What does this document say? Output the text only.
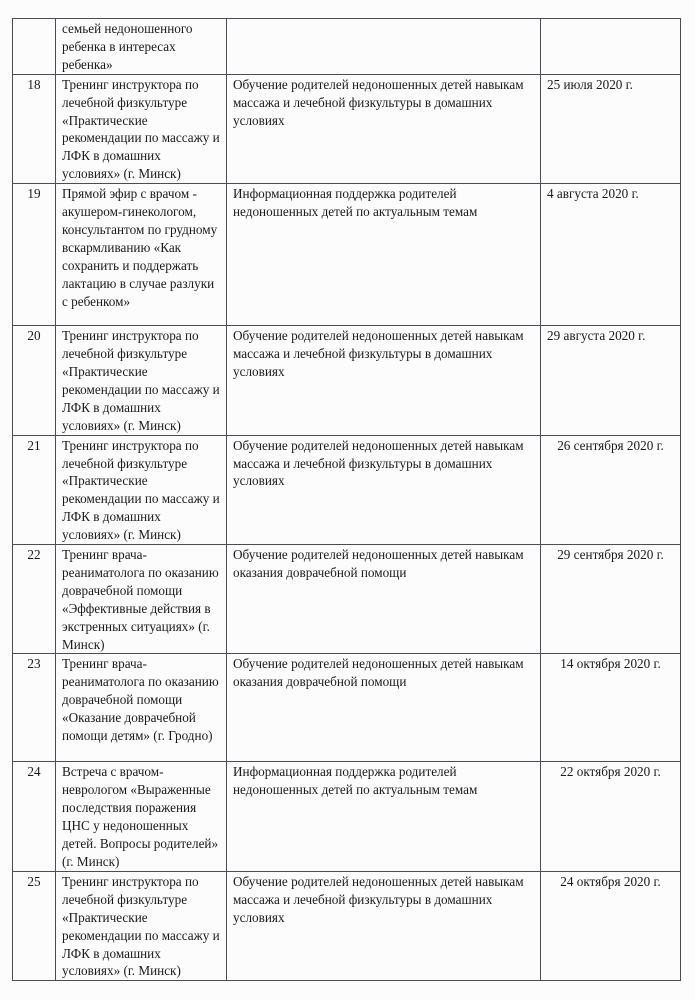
	семьей недоношенного ребенка в интересах ребенка»		
18	Тренинг инструктора по лечебной физкультуре «Практические рекомендации по массажу и ЛФК в домашних условиях» (г. Минск)	Обучение родителей недоношенных детей навыкам массажа и лечебной физкультуры в домашних условиях	25 июля 2020 г.
19	Прямой эфир с врачом - акушером-гинекологом, консультантом по грудному вскармливанию «Как сохранить и поддержать лактацию в случае разлуки с ребенком»	Информационная поддержка родителей недоношенных детей по актуальным темам	4 августа 2020 г.
20	Тренинг инструктора по лечебной физкультуре «Практические рекомендации по массажу и ЛФК в домашних условиях» (г. Минск)	Обучение родителей недоношенных детей навыкам массажа и лечебной физкультуры в домашних условиях	29 августа 2020 г.
21	Тренинг инструктора по лечебной физкультуре «Практические рекомендации по массажу и ЛФК в домашних условиях» (г. Минск)	Обучение родителей недоношенных детей навыкам массажа и лечебной физкультуры в домашних условиях	26 сентября 2020 г.
22	Тренинг врача-реаниматолога по оказанию доврачебной помощи «Эффективные действия в экстренных ситуациях» (г. Минск)	Обучение родителей недоношенных детей навыкам оказания доврачебной помощи	29 сентября 2020 г.
23	Тренинг врача-реаниматолога по оказанию доврачебной помощи «Оказание доврачебной помощи детям» (г. Гродно)	Обучение родителей недоношенных детей навыкам оказания доврачебной помощи	14 октября 2020 г.
24	Встреча с врачом-неврологом «Выраженные последствия поражения ЦНС у недоношенных детей. Вопросы родителей» (г. Минск)	Информационная поддержка родителей недоношенных детей по актуальным темам	22 октября 2020 г.
25	Тренинг инструктора по лечебной физкультуре «Практические рекомендации по массажу и ЛФК в домашних условиях» (г. Минск)	Обучение родителей недоношенных детей навыкам массажа и лечебной физкультуры в домашних условиях	24 октября 2020 г.
